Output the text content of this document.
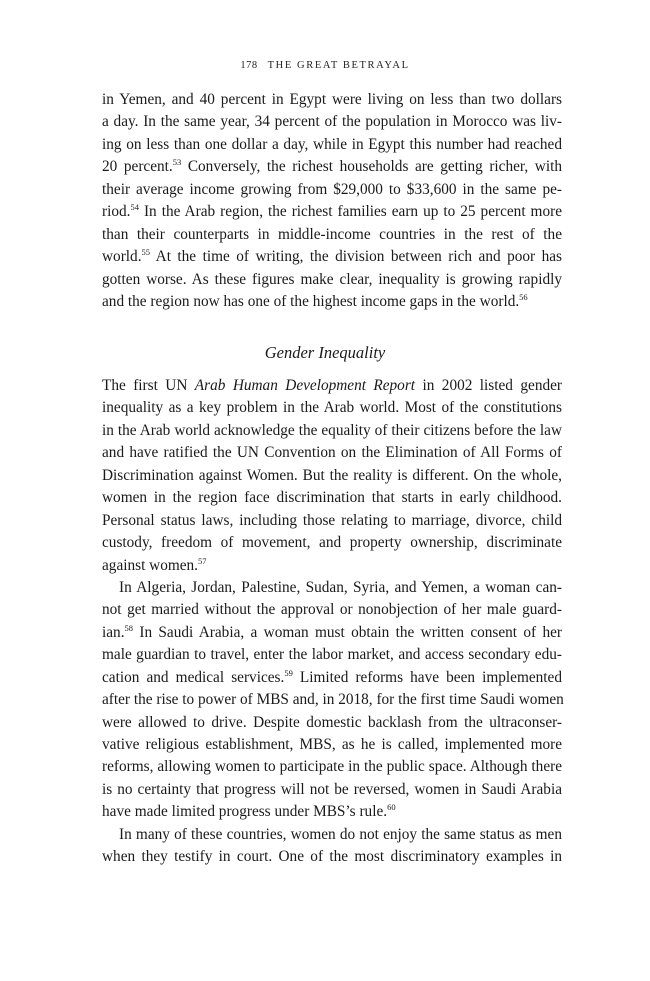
178 THE GREAT BETRAYAL
in Yemen, and 40 percent in Egypt were living on less than two dollars
a day. In the same year, 34 percent of the population in Morocco was liv-
ing on less than one dollar a day, while in Egypt this number had reached
20 percent.$^{53}$ Conversely, the richest households are getting richer, with
their average income growing from $29,000 to $33,600 in the same pe-
riod.$^{54}$ In the Arab region, the richest families earn up to 25 percent more
than their counterparts in middle-income countries in the rest of the
world.$^{55}$ At the time of writing, the division between rich and poor has
gotten worse. As these figures make clear, inequality is growing rapidly
and the region now has one of the highest income gaps in the world.$^{56}$
Gender Inequality
The first UN Arab Human Development Report in 2002 listed gender
inequality as a key problem in the Arab world. Most of the constitutions
in the Arab world acknowledge the equality of their citizens before the law
and have ratified the UN Convention on the Elimination of All Forms of
Discrimination against Women. But the reality is different. On the whole,
women in the region face discrimination that starts in early childhood.
Personal status laws, including those relating to marriage, divorce, child
custody, freedom of movement, and property ownership, discriminate
against women.$^{57}$
In Algeria, Jordan, Palestine, Sudan, Syria, and Yemen, a woman can-
not get married without the approval or nonobjection of her male guard-
ian.$^{58}$ In Saudi Arabia, a woman must obtain the written consent of her
male guardian to travel, enter the labor market, and access secondary edu-
cation and medical services.$^{59}$ Limited reforms have been implemented
after the rise to power of MBS and, in 2018, for the first time Saudi women
were allowed to drive. Despite domestic backlash from the ultraconser-
vative religious establishment, MBS, as he is called, implemented more
reforms, allowing women to participate in the public space. Although there
is no certainty that progress will not be reversed, women in Saudi Arabia
have made limited progress under MBS’s rule.$^{60}$
In many of these countries, women do not enjoy the same status as men
when they testify in court. One of the most discriminatory examples in
